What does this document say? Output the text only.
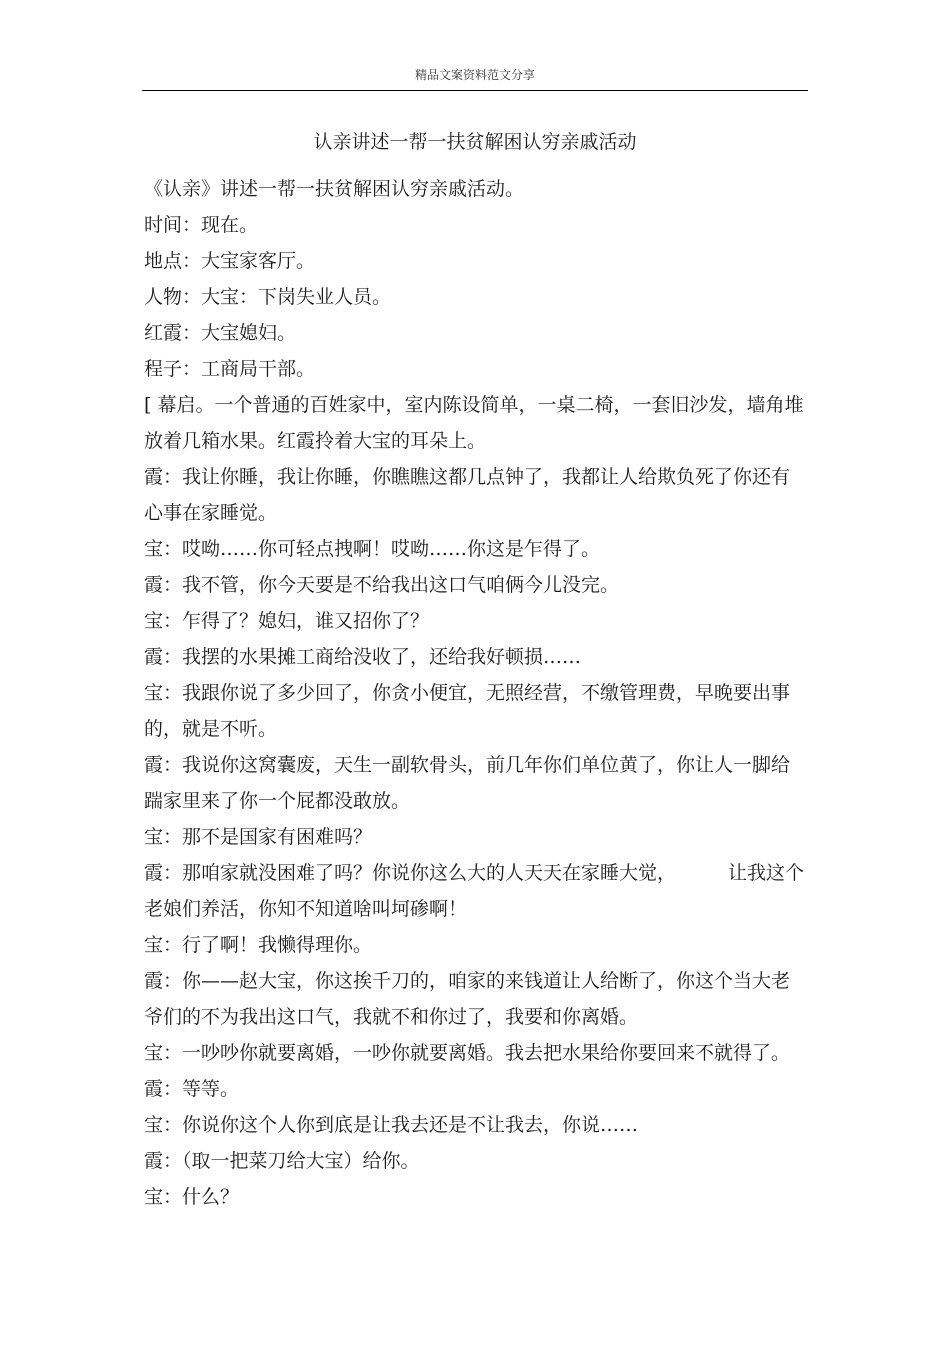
精品文案资料范文分享
认亲讲述一帮一扶贫解困认穷亲戚活动

《认亲》讲述一帮一扶贫解困认穷亲戚活动。

时间：现在。

地点：大宝家客厅。

人物：大宝：下岗失业人员。

红霞：大宝媳妇。

程子：工商局干部。

[ 幕启。一个普通的百姓家中，室内陈设简单，一桌二椅，一套旧沙发，墙角堆放着几箱水果。红霞拎着大宝的耳朵上。

霞：我让你睡，我让你睡，你瞧瞧这都几点钟了，我都让人给欺负死了你还有心事在家睡觉。

宝：哎呦……你可轻点拽啊！哎呦……你这是乍得了。

霞：我不管，你今天要是不给我出这口气咱俩今儿没完。

宝：乍得了？媳妇，谁又招你了？

霞：我摆的水果摊工商给没收了，还给我好顿损……

宝：我跟你说了多少回了，你贪小便宜，无照经营，不缴管理费，早晚要出事的，就是不听。

霞：我说你这窝囊废，天生一副软骨头，前几年你们单位黄了，你让人一脚给踹家里来了你一个屁都没敢放。

宝：那不是国家有困难吗？

霞：那咱家就没困难了吗？你说你这么大的人天天在家睡大觉，	让我这个老娘们养活，你知不知道啥叫坷碜啊！

宝：行了啊！我懒得理你。

霞：你——赵大宝，你这挨千刀的，咱家的来钱道让人给断了，你这个当大老爷们的不为我出这口气，我就不和你过了，我要和你离婚。

宝：一吵吵你就要离婚，一吵你就要离婚。我去把水果给你要回来不就得了。

霞：等等。

宝：你说你这个人你到底是让我去还是不让我去，你说……

霞：（取一把菜刀给大宝）给你。

宝：什么？
